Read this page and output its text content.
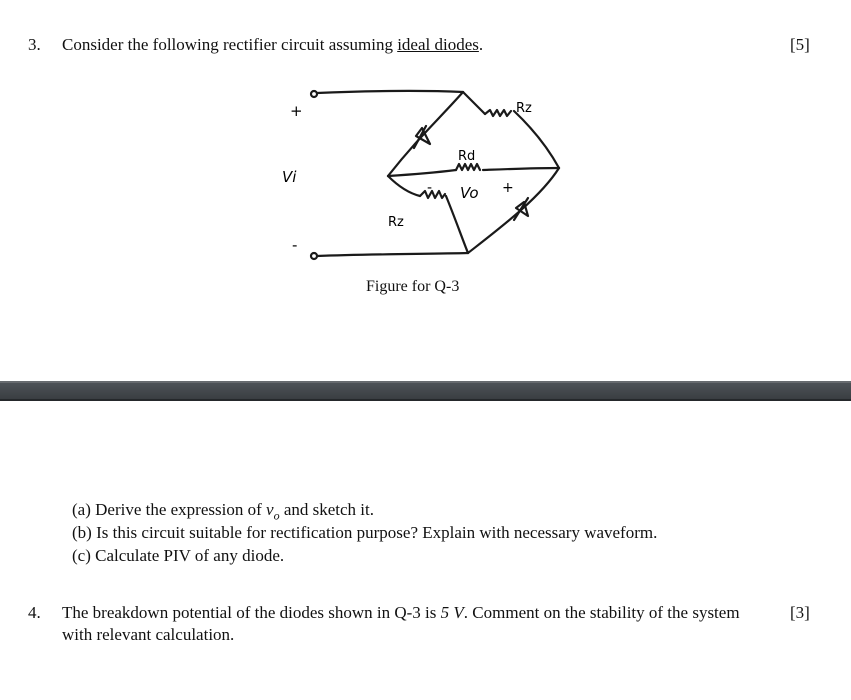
3. Consider the following rectifier circuit assuming ideal diodes.	[5]
+
-
Vi
Rz
Rd
- Vo +
Rz
Figure for Q-3
(a) Derive the expression of $v_o$ and sketch it.
(b) Is this circuit suitable for rectification purpose? Explain with necessary waveform.
(c) Calculate PIV of any diode.
4. The breakdown potential of the diodes shown in Q-3 is 5 V. Comment on the stability of the system	[3]
with relevant calculation.
